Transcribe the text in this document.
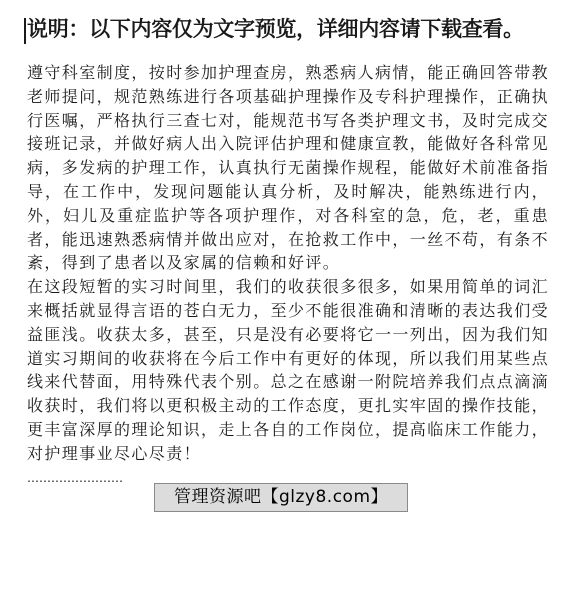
说明：以下内容仅为文字预览，详细内容请下载查看。

遵守科室制度，按时参加护理查房，熟悉病人病情，能正确回答带教老师提问，规范熟练进行各项基础护理操作及专科护理操作，正确执行医嘱，严格执行三查七对，能规范书写各类护理文书，及时完成交接班记录，并做好病人出入院评估护理和健康宣教，能做好各科常见病，多发病的护理工作，认真执行无菌操作规程，能做好术前准备指导，在工作中，发现问题能认真分析，及时解决，能熟练进行内，外，妇儿及重症监护等各项护理作，对各科室的急，危，老，重患者，能迅速熟悉病情并做出应对，在抢救工作中，一丝不苟，有条不紊，得到了患者以及家属的信赖和好评。

在这段短暂的实习时间里，我们的收获很多很多，如果用简单的词汇来概括就显得言语的苍白无力，至少不能很准确和清晰的表达我们受益匪浅。收获太多，甚至，只是没有必要将它一一列出，因为我们知道实习期间的收获将在今后工作中有更好的体现，所以我们用某些点线来代替面，用特殊代表个别。总之在感谢一附院培养我们点点滴滴收获时，我们将以更积极主动的工作态度，更扎实牢固的操作技能，更丰富深厚的理论知识，走上各自的工作岗位，提高临床工作能力，对护理事业尽心尽责！

……………………

管理资源吧【glzy8.com】
